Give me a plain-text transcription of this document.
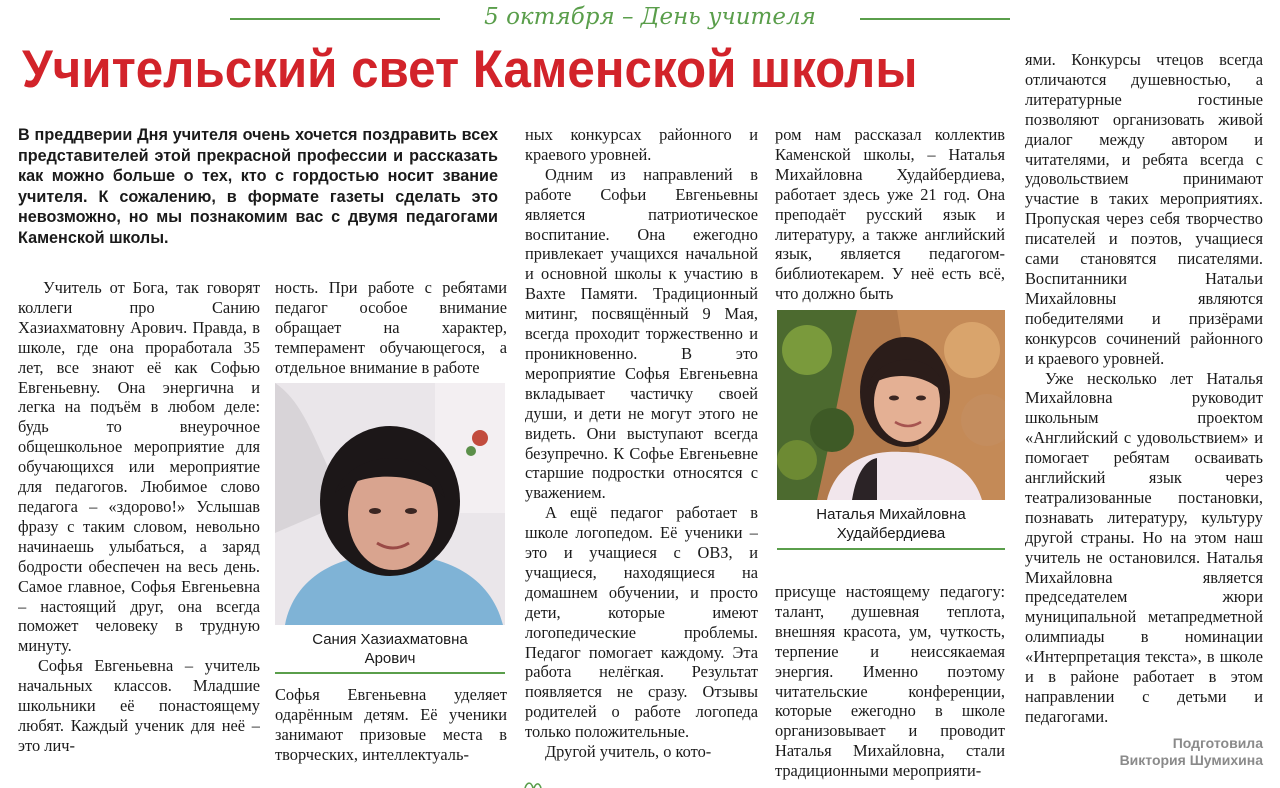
5 октября – День учителя
Учительский свет Каменской школы

В преддверии Дня учителя очень хочется поздравить всех представителей этой прекрасной профессии и рассказать как можно больше о тех, кто с гордостью носит звание учителя. К сожалению, в формате газеты сделать это невозможно, но мы познакомим вас с двумя педагогами Каменской школы.

Учитель от Бога, так говорят коллеги про Санию Хазиахматовну Арович. Правда, в школе, где она проработала 35 лет, все знают её как Софью Евгеньевну. Она энергична и легка на подъём в любом деле: будь то внеурочное общешкольное мероприятие для обучающихся или мероприятие для педагогов. Любимое слово педагога – «здорово!» Услышав фразу с таким словом, невольно начинаешь улыбаться, а заряд бодрости обеспечен на весь день. Самое главное, Софья Евгеньевна – настоящий друг, она всегда поможет человеку в трудную минуту.

Софья Евгеньевна – учитель начальных классов. Младшие школьники её понастоящему любят. Каждый ученик для неё – это лич-

ность. При работе с ребятами педагог особое внимание обращает на характер, темперамент обучающегося, а отдельное внимание в работе

Сания Хазиахматовна
Арович

Софья Евгеньевна уделяет одарённым детям. Её ученики занимают призовые места в творческих, интеллектуаль-

ных конкурсах районного и краевого уровней.

Одним из направлений в работе Софьи Евгеньевны является патриотическое воспитание. Она ежегодно привлекает учащихся начальной и основной школы к участию в Вахте Памяти. Традиционный митинг, посвящённый 9 Мая, всегда проходит торжественно и проникновенно. В это мероприятие Софья Евгеньевна вкладывает частичку своей души, и дети не могут этого не видеть. Они выступают всегда безупречно. К Софье Евгеньевне старшие подростки относятся с уважением.

А ещё педагог работает в школе логопедом. Её ученики – это и учащиеся с ОВЗ, и учащиеся, находящиеся на домашнем обучении, и просто дети, которые имеют логопедические проблемы. Педагог помогает каждому. Эта работа нелёгкая. Результат появляется не сразу. Отзывы родителей о работе логопеда только положительные.

Другой учитель, о кото-

ром нам рассказал коллектив Каменской школы, – Наталья Михайловна Худайбердиева, работает здесь уже 21 год. Она преподаёт русский язык и литературу, а также английский язык, является педагогом-библиотекарем. У неё есть всё, что должно быть

Наталья Михайловна
Худайбердиева

присуще настоящему педагогу: талант, душевная теплота, внешняя красота, ум, чуткость, терпение и неиссякаемая энергия. Именно поэтому читательские конференции, которые ежегодно в школе организовывает и проводит Наталья Михайловна, стали традиционными мероприяти-

ями. Конкурсы чтецов всегда отличаются душевностью, а литературные гостиные позволяют организовать живой диалог между автором и читателями, и ребята всегда с удовольствием принимают участие в таких мероприятиях. Пропуская через себя творчество писателей и поэтов, учащиеся сами становятся писателями. Воспитанники Натальи Михайловны являются победителями и призёрами конкурсов сочинений районного и краевого уровней.

Уже несколько лет Наталья Михайловна руководит школьным проектом «Английский с удовольствием» и помогает ребятам осваивать английский язык через театрализованные постановки, познавать литературу, культуру другой страны. Но на этом наш учитель не остановился. Наталья Михайловна является председателем жюри муниципальной метапредметной олимпиады в номинации «Интерпретация текста», в школе и в районе работает в этом направлении с детьми и педагогами.

Подготовила
Виктория Шумихина
